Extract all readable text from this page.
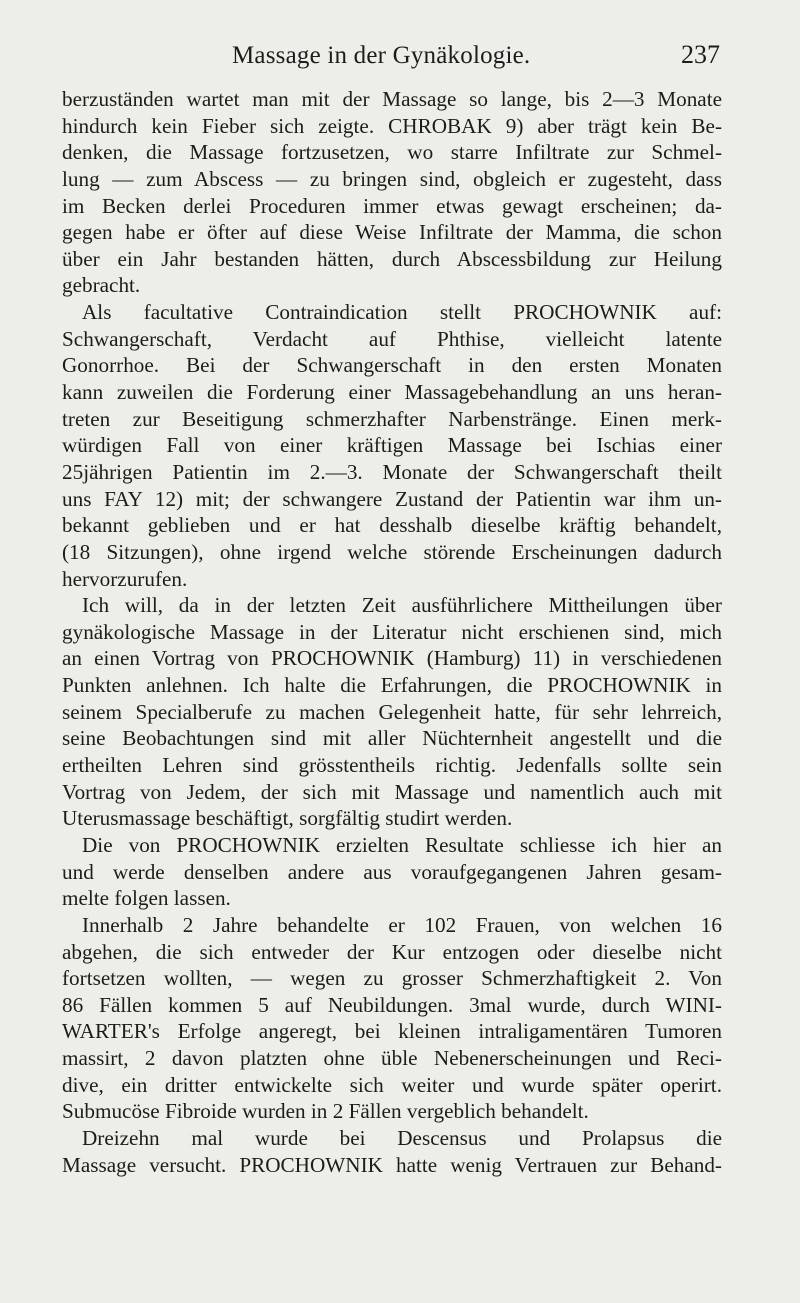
Massage in der Gynäkologie.	237
berzuständen wartet man mit der Massage so lange, bis 2—3 Monate
hindurch kein Fieber sich zeigte. CHROBAK 9) aber trägt kein Be-
denken, die Massage fortzusetzen, wo starre Infiltrate zur Schmel-
lung — zum Abscess — zu bringen sind, obgleich er zugesteht, dass
im Becken derlei Proceduren immer etwas gewagt erscheinen; da-
gegen habe er öfter auf diese Weise Infiltrate der Mamma, die schon
über ein Jahr bestanden hätten, durch Abscessbildung zur Heilung
gebracht.
Als facultative Contraindication stellt PROCHOWNIK auf:
Schwangerschaft, Verdacht auf Phthise, vielleicht latente
Gonorrhoe. Bei der Schwangerschaft in den ersten Monaten
kann zuweilen die Forderung einer Massagebehandlung an uns heran-
treten zur Beseitigung schmerzhafter Narbenstränge. Einen merk-
würdigen Fall von einer kräftigen Massage bei Ischias einer
25jährigen Patientin im 2.—3. Monate der Schwangerschaft theilt
uns FAY 12) mit; der schwangere Zustand der Patientin war ihm un-
bekannt geblieben und er hat desshalb dieselbe kräftig behandelt,
(18 Sitzungen), ohne irgend welche störende Erscheinungen dadurch
hervorzurufen.
Ich will, da in der letzten Zeit ausführlichere Mittheilungen über
gynäkologische Massage in der Literatur nicht erschienen sind, mich
an einen Vortrag von PROCHOWNIK (Hamburg) 11) in verschiedenen
Punkten anlehnen. Ich halte die Erfahrungen, die PROCHOWNIK in
seinem Specialberufe zu machen Gelegenheit hatte, für sehr lehrreich,
seine Beobachtungen sind mit aller Nüchternheit angestellt und die
ertheilten Lehren sind grösstentheils richtig. Jedenfalls sollte sein
Vortrag von Jedem, der sich mit Massage und namentlich auch mit
Uterusmassage beschäftigt, sorgfältig studirt werden.
Die von PROCHOWNIK erzielten Resultate schliesse ich hier an
und werde denselben andere aus voraufgegangenen Jahren gesam-
melte folgen lassen.
Innerhalb 2 Jahre behandelte er 102 Frauen, von welchen 16
abgehen, die sich entweder der Kur entzogen oder dieselbe nicht
fortsetzen wollten, — wegen zu grosser Schmerzhaftigkeit 2. Von
86 Fällen kommen 5 auf Neubildungen. 3mal wurde, durch WINI-
WARTER's Erfolge angeregt, bei kleinen intraligamentären Tumoren
massirt, 2 davon platzten ohne üble Nebenerscheinungen und Reci-
dive, ein dritter entwickelte sich weiter und wurde später operirt.
Submucöse Fibroide wurden in 2 Fällen vergeblich behandelt.
Dreizehn mal wurde bei Descensus und Prolapsus die
Massage versucht. PROCHOWNIK hatte wenig Vertrauen zur Behand-
